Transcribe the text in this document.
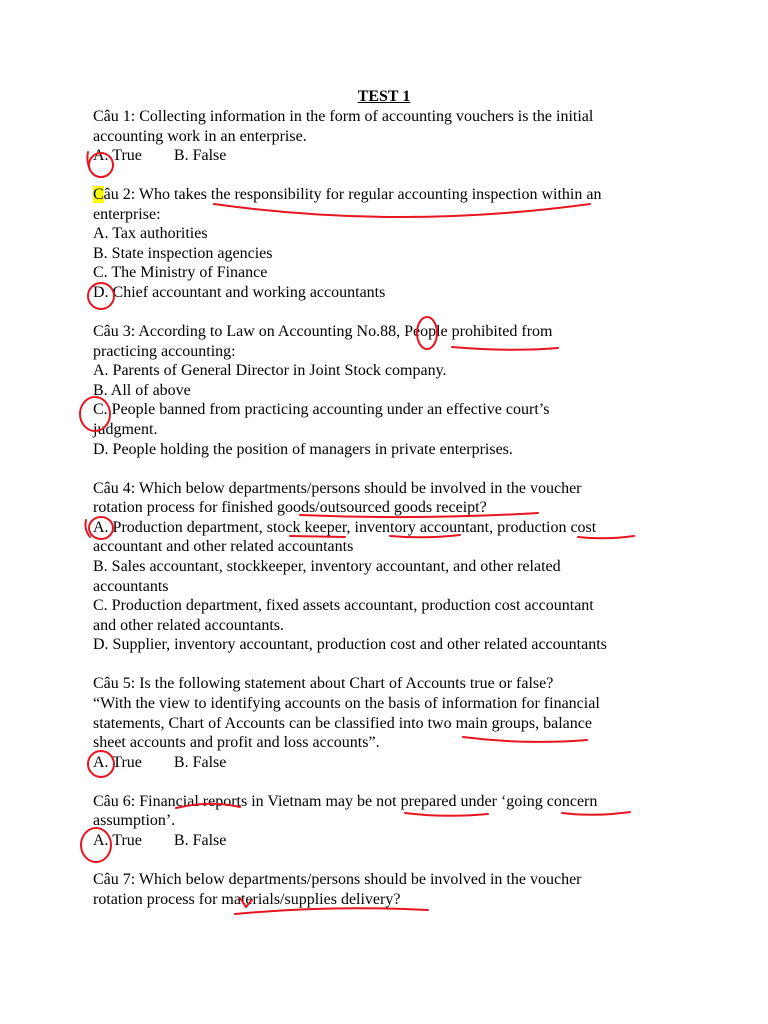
TEST 1
Câu 1: Collecting information in the form of accounting vouchers is the initial
accounting work in an enterprise.
A. True        B. False
Câu 2: Who takes the responsibility for regular accounting inspection within an
enterprise:
A. Tax authorities
B. State inspection agencies
C. The Ministry of Finance
D. Chief accountant and working accountants
Câu 3: According to Law on Accounting No.88, People prohibited from
practicing accounting:
A. Parents of General Director in Joint Stock company.
B. All of above
C. People banned from practicing accounting under an effective court’s
judgment.
D. People holding the position of managers in private enterprises.
Câu 4: Which below departments/persons should be involved in the voucher
rotation process for finished goods/outsourced goods receipt?
A. Production department, stock keeper, inventory accountant, production cost
accountant and other related accountants
B. Sales accountant, stockkeeper, inventory accountant, and other related
accountants
C. Production department, fixed assets accountant, production cost accountant
and other related accountants.
D. Supplier, inventory accountant, production cost and other related accountants
Câu 5: Is the following statement about Chart of Accounts true or false?
“With the view to identifying accounts on the basis of information for financial
statements, Chart of Accounts can be classified into two main groups, balance
sheet accounts and profit and loss accounts”.
A. True        B. False
Câu 6: Financial reports in Vietnam may be not prepared under ‘going concern
assumption’.
A. True        B. False
Câu 7: Which below departments/persons should be involved in the voucher
rotation process for materials/supplies delivery?
